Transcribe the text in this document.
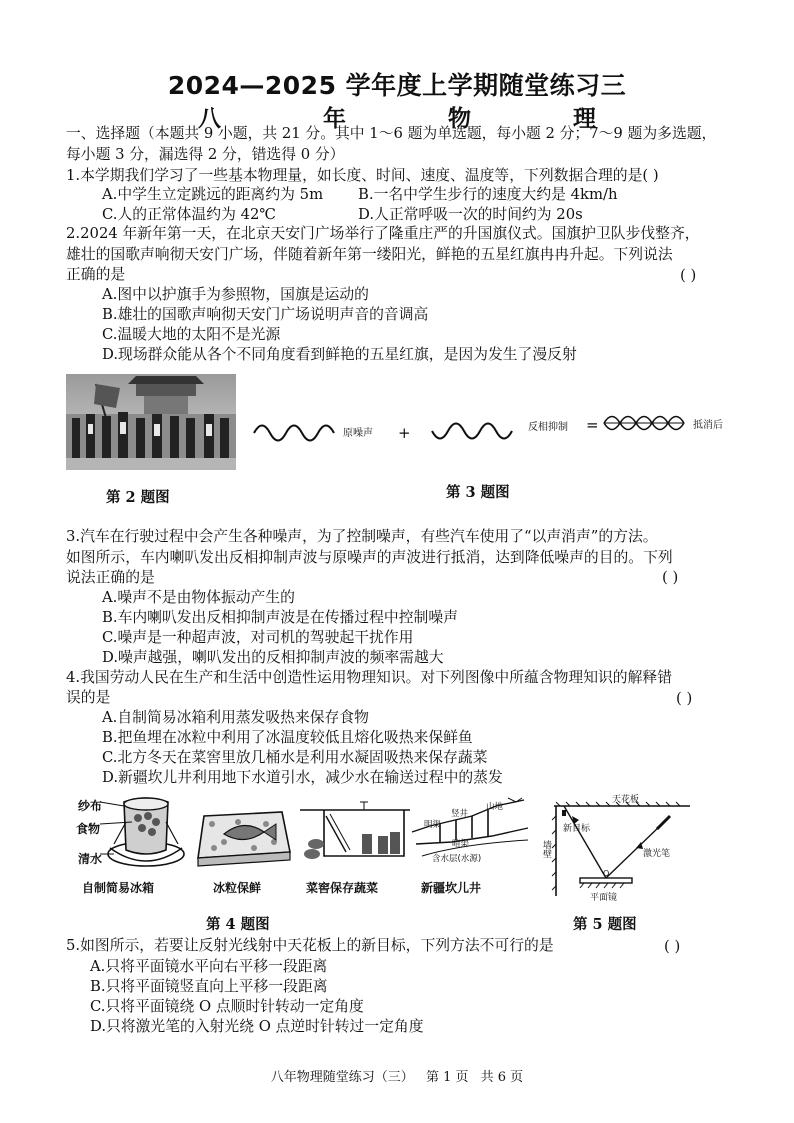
2024—2025 学年度上学期随堂练习三
八 年 物 理
一、选择题（本题共 9 小题，共 21 分。其中 1～6 题为单选题，每小题 2 分；7～9 题为多选题，
每小题 3 分，漏选得 2 分，错选得 0 分）
1.本学期我们学习了一些基本物理量，如长度、时间、速度、温度等，下列数据合理的是( )
A.中学生立定跳远的距离约为 5m B.一名中学生步行的速度大约是 4km/h
C.人的正常体温约为 42℃	D.人正常呼吸一次的时间约为 20s
2.2024 年新年第一天，在北京天安门广场举行了隆重庄严的升国旗仪式。国旗护卫队步伐整齐，
雄壮的国歌声响彻天安门广场，伴随着新年第一缕阳光，鲜艳的五星红旗冉冉升起。下列说法
正确的是	( )
A.图中以护旗手为参照物，国旗是运动的
B.雄壮的国歌声响彻天安门广场说明声音的音调高
C.温暖大地的太阳不是光源
D.现场群众能从各个不同角度看到鲜艳的五星红旗，是因为发生了漫反射
第 2 题图
原噪声 +	反相抑制 =	抵消后
第 3 题图
3.汽车在行驶过程中会产生各种噪声，为了控制噪声，有些汽车使用了“以声消声”的方法。
如图所示，车内喇叭发出反相抑制声波与原噪声的声波进行抵消，达到降低噪声的目的。下列
说法正确的是	( )
A.噪声不是由物体振动产生的
B.车内喇叭发出反相抑制声波是在传播过程中控制噪声
C.噪声是一种超声波，对司机的驾驶起干扰作用
D.噪声越强，喇叭发出的反相抑制声波的频率需越大
4.我国劳动人民在生产和生活中创造性运用物理知识。对下列图像中所蕴含物理知识的解释错
误的是	( )
A.自制简易冰箱利用蒸发吸热来保存食物
B.把鱼埋在冰粒中利用了冰温度较低且熔化吸热来保鲜鱼
C.北方冬天在菜窖里放几桶水是利用水凝固吸热来保存蔬菜
D.新疆坎儿井利用地下水道引水，减少水在输送过程中的蒸发
纱布
食物
清水
自制简易冰箱	冰粒保鲜	菜窖保存蔬菜
明渠
竖井
山地
暗渠
含水层(水源)
新疆坎儿井
第 4 题图
天花板
新目标
墙壁	激光笔
O
平面镜
第 5 题图
5.如图所示，若要让反射光线射中天花板上的新目标，下列方法不可行的是	( )
A.只将平面镜水平向右平移一段距离
B.只将平面镜竖直向上平移一段距离
C.只将平面镜绕 O 点顺时针转动一定角度
D.只将激光笔的入射光绕 O 点逆时针转过一定角度
八年物理随堂练习（三） 第 1 页 共 6 页
